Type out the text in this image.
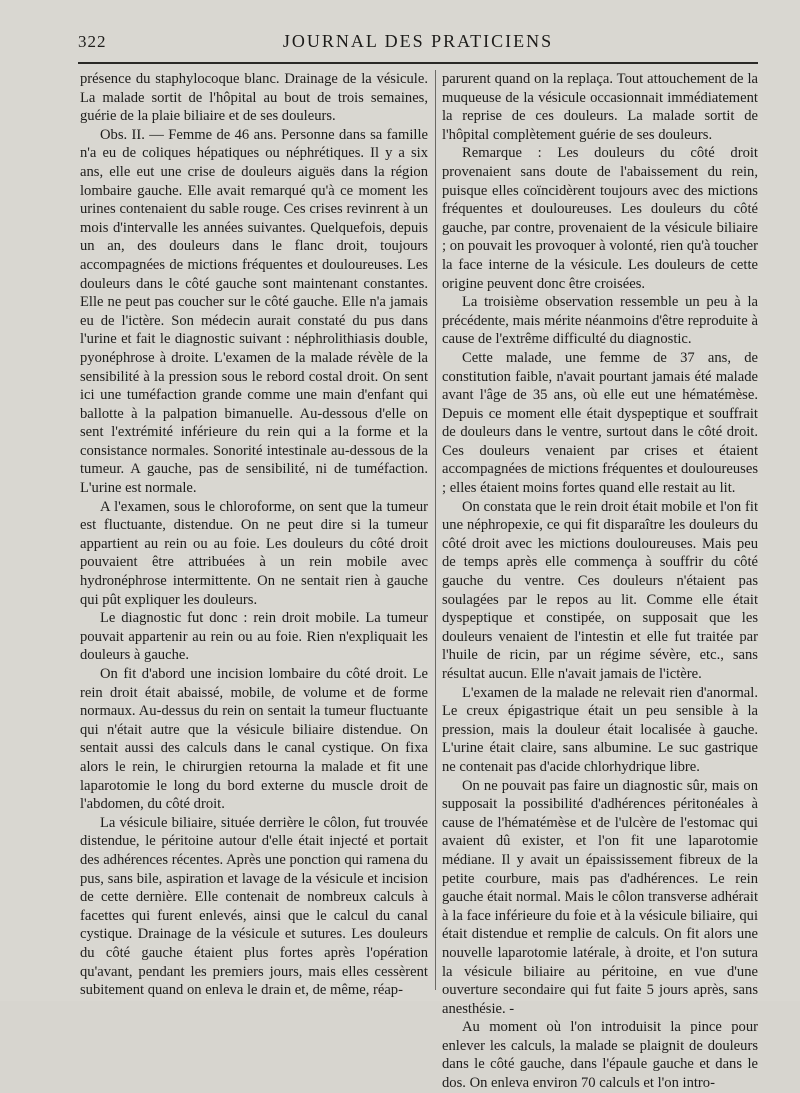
322	JOURNAL DES PRATICIENS

présence du staphylocoque blanc. Drainage de la vésicule. La malade sortit de l'hôpital au bout de trois semaines, guérie de la plaie biliaire et de ses douleurs.

Obs. II. — Femme de 46 ans. Personne dans sa famille n'a eu de coliques hépatiques ou néphrétiques. Il y a six ans, elle eut une crise de douleurs aiguës dans la région lombaire gauche. Elle avait remarqué qu'à ce moment les urines contenaient du sable rouge. Ces crises revinrent à un mois d'intervalle les années suivantes. Quelquefois, depuis un an, des douleurs dans le flanc droit, toujours accompagnées de mictions fréquentes et douloureuses. Les douleurs dans le côté gauche sont maintenant constantes. Elle ne peut pas coucher sur le côté gauche. Elle n'a jamais eu de l'ictère. Son médecin aurait constaté du pus dans l'urine et fait le diagnostic suivant : néphrolithiasis double, pyonéphrose à droite. L'examen de la malade révèle de la sensibilité à la pression sous le rebord costal droit. On sent ici une tuméfaction grande comme une main d'enfant qui ballotte à la palpation bimanuelle. Au-dessous d'elle on sent l'extrémité inférieure du rein qui a la forme et la consistance normales. Sonorité intestinale au-dessous de la tumeur. A gauche, pas de sensibilité, ni de tuméfaction. L'urine est normale.

A l'examen, sous le chloroforme, on sent que la tumeur est fluctuante, distendue. On ne peut dire si la tumeur appartient au rein ou au foie. Les douleurs du côté droit pouvaient être attribuées à un rein mobile avec hydronéphrose intermittente. On ne sentait rien à gauche qui pût expliquer les douleurs.

Le diagnostic fut donc : rein droit mobile. La tumeur pouvait appartenir au rein ou au foie. Rien n'expliquait les douleurs à gauche.

On fit d'abord une incision lombaire du côté droit. Le rein droit était abaissé, mobile, de volume et de forme normaux. Au-dessus du rein on sentait la tumeur fluctuante qui n'était autre que la vésicule biliaire distendue. On sentait aussi des calculs dans le canal cystique. On fixa alors le rein, le chirurgien retourna la malade et fit une laparotomie le long du bord externe du muscle droit de l'abdomen, du côté droit.

La vésicule biliaire, située derrière le côlon, fut trouvée distendue, le péritoine autour d'elle était injecté et portait des adhérences récentes. Après une ponction qui ramena du pus, sans bile, aspiration et lavage de la vésicule et incision de cette dernière. Elle contenait de nombreux calculs à facettes qui furent enlevés, ainsi que le calcul du canal cystique. Drainage de la vésicule et sutures. Les douleurs du côté gauche étaient plus fortes après l'opération qu'avant, pendant les premiers jours, mais elles cessèrent subitement quand on enleva le drain et, de même, réap-

parurent quand on la replaça. Tout attouchement de la muqueuse de la vésicule occasionnait immédiatement la reprise de ces douleurs. La malade sortit de l'hôpital complètement guérie de ses douleurs.

Remarque : Les douleurs du côté droit provenaient sans doute de l'abaissement du rein, puisque elles coïncidèrent toujours avec des mictions fréquentes et douloureuses. Les douleurs du côté gauche, par contre, provenaient de la vésicule biliaire ; on pouvait les provoquer à volonté, rien qu'à toucher la face interne de la vésicule. Les douleurs de cette origine peuvent donc être croisées.

La troisième observation ressemble un peu à la précédente, mais mérite néanmoins d'être reproduite à cause de l'extrême difficulté du diagnostic.

Cette malade, une femme de 37 ans, de constitution faible, n'avait pourtant jamais été malade avant l'âge de 35 ans, où elle eut une hématémèse. Depuis ce moment elle était dyspeptique et souffrait de douleurs dans le ventre, surtout dans le côté droit. Ces douleurs venaient par crises et étaient accompagnées de mictions fréquentes et douloureuses ; elles étaient moins fortes quand elle restait au lit.

On constata que le rein droit était mobile et l'on fit une néphropexie, ce qui fit disparaître les douleurs du côté droit avec les mictions douloureuses. Mais peu de temps après elle commença à souffrir du côté gauche du ventre. Ces douleurs n'étaient pas soulagées par le repos au lit. Comme elle était dyspeptique et constipée, on supposait que les douleurs venaient de l'intestin et elle fut traitée par l'huile de ricin, par un régime sévère, etc., sans résultat aucun. Elle n'avait jamais de l'ictère.

L'examen de la malade ne relevait rien d'anormal. Le creux épigastrique était un peu sensible à la pression, mais la douleur était localisée à gauche. L'urine était claire, sans albumine. Le suc gastrique ne contenait pas d'acide chlorhydrique libre.

On ne pouvait pas faire un diagnostic sûr, mais on supposait la possibilité d'adhérences péritonéales à cause de l'hématémèse et de l'ulcère de l'estomac qui avaient dû exister, et l'on fit une laparotomie médiane. Il y avait un épaississement fibreux de la petite courbure, mais pas d'adhérences. Le rein gauche était normal. Mais le côlon transverse adhérait à la face inférieure du foie et à la vésicule biliaire, qui était distendue et remplie de calculs. On fit alors une nouvelle laparotomie latérale, à droite, et l'on sutura la vésicule biliaire au péritoine, en vue d'une ouverture secondaire qui fut faite 5 jours après, sans anesthésie. -

Au moment où l'on introduisit la pince pour enlever les calculs, la malade se plaignit de douleurs dans le côté gauche, dans l'épaule gauche et dans le dos. On enleva environ 70 calculs et l'on intro-
